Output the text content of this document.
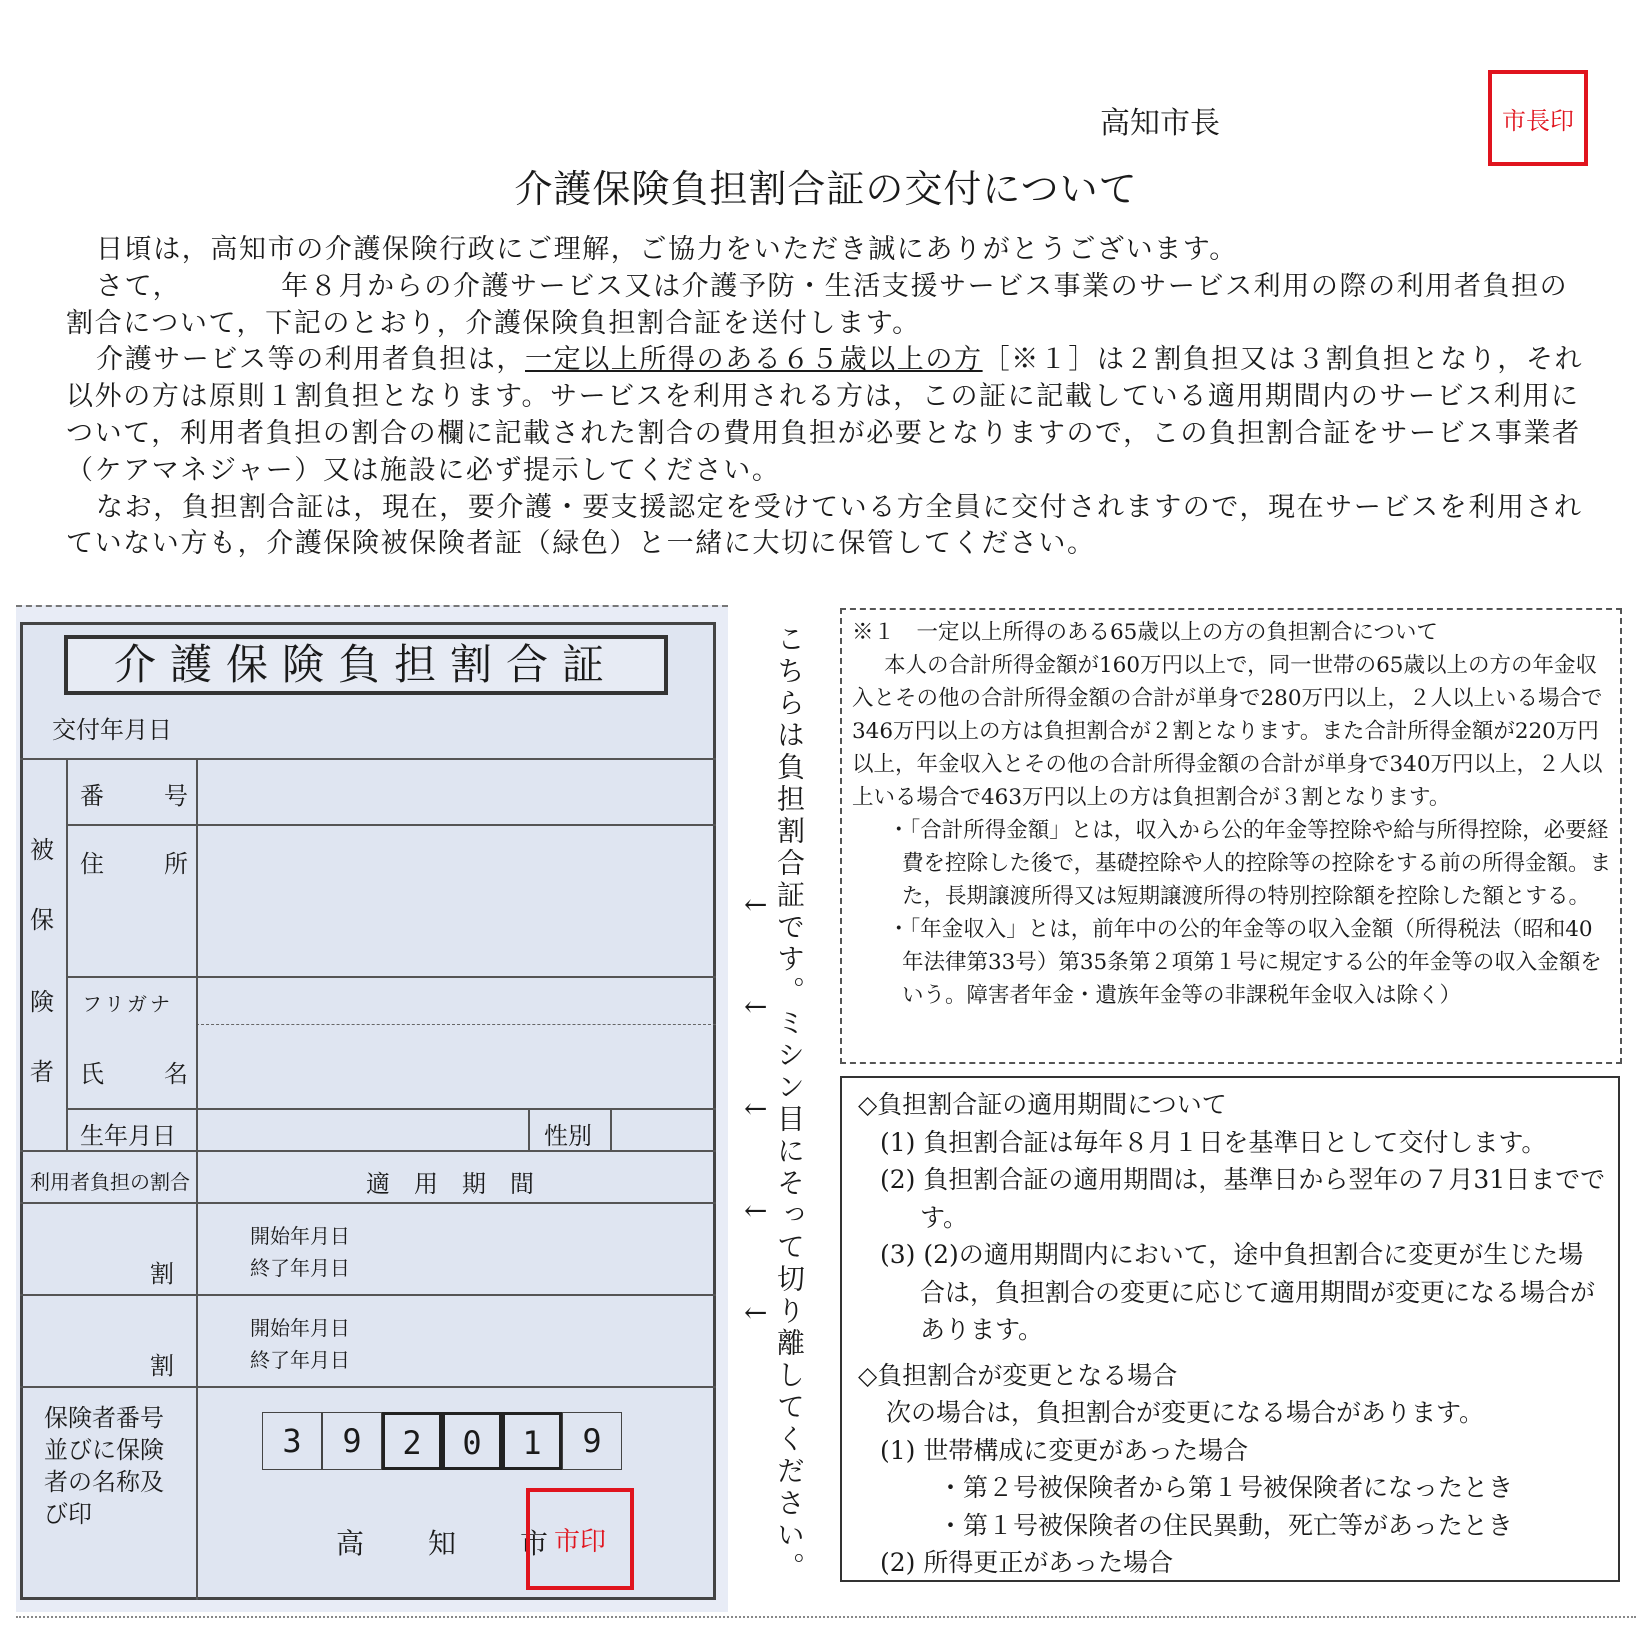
高知市長	市長印
介護保険負担割合証の交付について

日頃は，高知市の介護保険行政にご理解，ご協力をいただき誠にありがとうございます。

さて，	年８月からの介護サービス又は介護予防・生活支援サービス事業のサービス利用の際の利用者負担の割合について，下記のとおり，介護保険負担割合証を送付します。

介護サービス等の利用者負担は，一定以上所得のある６５歳以上の方［※１］は２割負担又は３割負担となり，それ以外の方は原則１割負担となります。サービスを利用される方は，この証に記載している適用期間内のサービス利用について，利用者負担の割合の欄に記載された割合の費用負担が必要となりますので，この負担割合証をサービス事業者（ケアマネジャー）又は施設に必ず提示してください。

なお，負担割合証は，現在，要介護・要支援認定を受けている方全員に交付されますので，現在サービスを利用されていない方も，介護保険被保険者証（緑色）と一緒に大切に保管してください。

介護保険負担割合証
交付年月日
被
保
険
者
番　号
住　所
フリガナ
氏　名
生年月日	性別
利用者負担の割合	適　用　期　間
割
開始年月日
終了年月日
割
開始年月日
終了年月日
保険者番号
並びに保険
者の名称及
び印
3	9	2	0	1	9
高　知　市
市印	こちらは負担割合証です。ミシン目にそって切り離してください。
←
←
←
←
←

※１　一定以上所得のある65歳以上の方の負担割合について

本人の合計所得金額が160万円以上で，同一世帯の65歳以上の方の年金収入とその他の合計所得金額の合計が単身で280万円以上，２人以上いる場合で346万円以上の方は負担割合が２割となります。また合計所得金額が220万円以上，年金収入とその他の合計所得金額の合計が単身で340万円以上，２人以上いる場合で463万円以上の方は負担割合が３割となります。

・「合計所得金額」とは，収入から公的年金等控除や給与所得控除，必要経費を控除した後で，基礎控除や人的控除等の控除をする前の所得金額。また，長期譲渡所得又は短期譲渡所得の特別控除額を控除した額とする。

・「年金収入」とは，前年中の公的年金等の収入金額（所得税法（昭和40年法律第33号）第35条第２項第１号に規定する公的年金等の収入金額をいう。障害者年金・遺族年金等の非課税年金収入は除く）

◇負担割合証の適用期間について

(1) 負担割合証は毎年８月１日を基準日として交付します。

(2) 負担割合証の適用期間は，基準日から翌年の７月31日までです。

(3) (2)の適用期間内において，途中負担割合に変更が生じた場合は，負担割合の変更に応じて適用期間が変更になる場合があります。

◇負担割合が変更となる場合

次の場合は，負担割合が変更になる場合があります。

(1) 世帯構成に変更があった場合

・第２号被保険者から第１号被保険者になったとき

・第１号被保険者の住民異動，死亡等があったとき

(2) 所得更正があった場合
